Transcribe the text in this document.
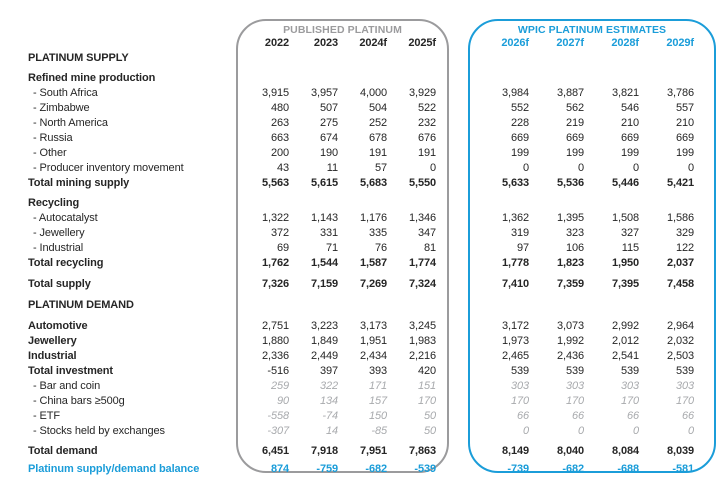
PUBLISHED PLATINUM	WPIC PLATINUM ESTIMATES
2022	2023	2024f	2025f	2026f	2027f	2028f	2029f
PLATINUM SUPPLY
Refined mine production
- South Africa	3,915	3,957	4,000	3,929	3,984	3,887	3,821	3,786
- Zimbabwe	480	507	504	522	552	562	546	557
- North America	263	275	252	232	228	219	210	210
- Russia	663	674	678	676	669	669	669	669
- Other	200	190	191	191	199	199	199	199
- Producer inventory movement	43	11	57	0	0	0	0	0
Total mining supply	5,563	5,615	5,683	5,550	5,633	5,536	5,446	5,421
Recycling
- Autocatalyst	1,322	1,143	1,176	1,346	1,362	1,395	1,508	1,586
- Jewellery	372	331	335	347	319	323	327	329
- Industrial	69	71	76	81	97	106	115	122
Total recycling	1,762	1,544	1,587	1,774	1,778	1,823	1,950	2,037
Total supply	7,326	7,159	7,269	7,324	7,410	7,359	7,395	7,458
PLATINUM DEMAND
Automotive	2,751	3,223	3,173	3,245	3,172	3,073	2,992	2,964
Jewellery	1,880	1,849	1,951	1,983	1,973	1,992	2,012	2,032
Industrial	2,336	2,449	2,434	2,216	2,465	2,436	2,541	2,503
Total investment	-516	397	393	420	539	539	539	539
- Bar and coin	259	322	171	151	303	303	303	303
- China bars ≥500g	90	134	157	170	170	170	170	170
- ETF	-558	-74	150	50	66	66	66	66
- Stocks held by exchanges	-307	14	-85	50	0	0	0	0
Total demand	6,451	7,918	7,951	7,863	8,149	8,040	8,084	8,039
Platinum supply/demand balance	874	-759	-682	-539	-739	-682	-688	-581
